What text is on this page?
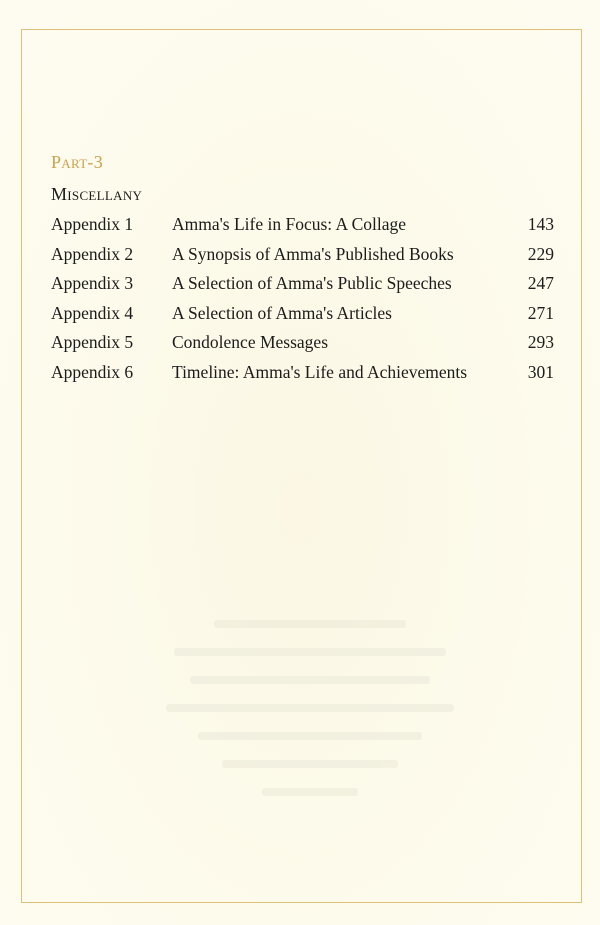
Part-3
Miscellany
Appendix 1 Amma's Life in Focus: A Collage	143
Appendix 2 A Synopsis of Amma's Published Books	229
Appendix 3 A Selection of Amma's Public Speeches	247
Appendix 4 A Selection of Amma's Articles	271
Appendix 5 Condolence Messages	293
Appendix 6 Timeline: Amma's Life and Achievements	301
